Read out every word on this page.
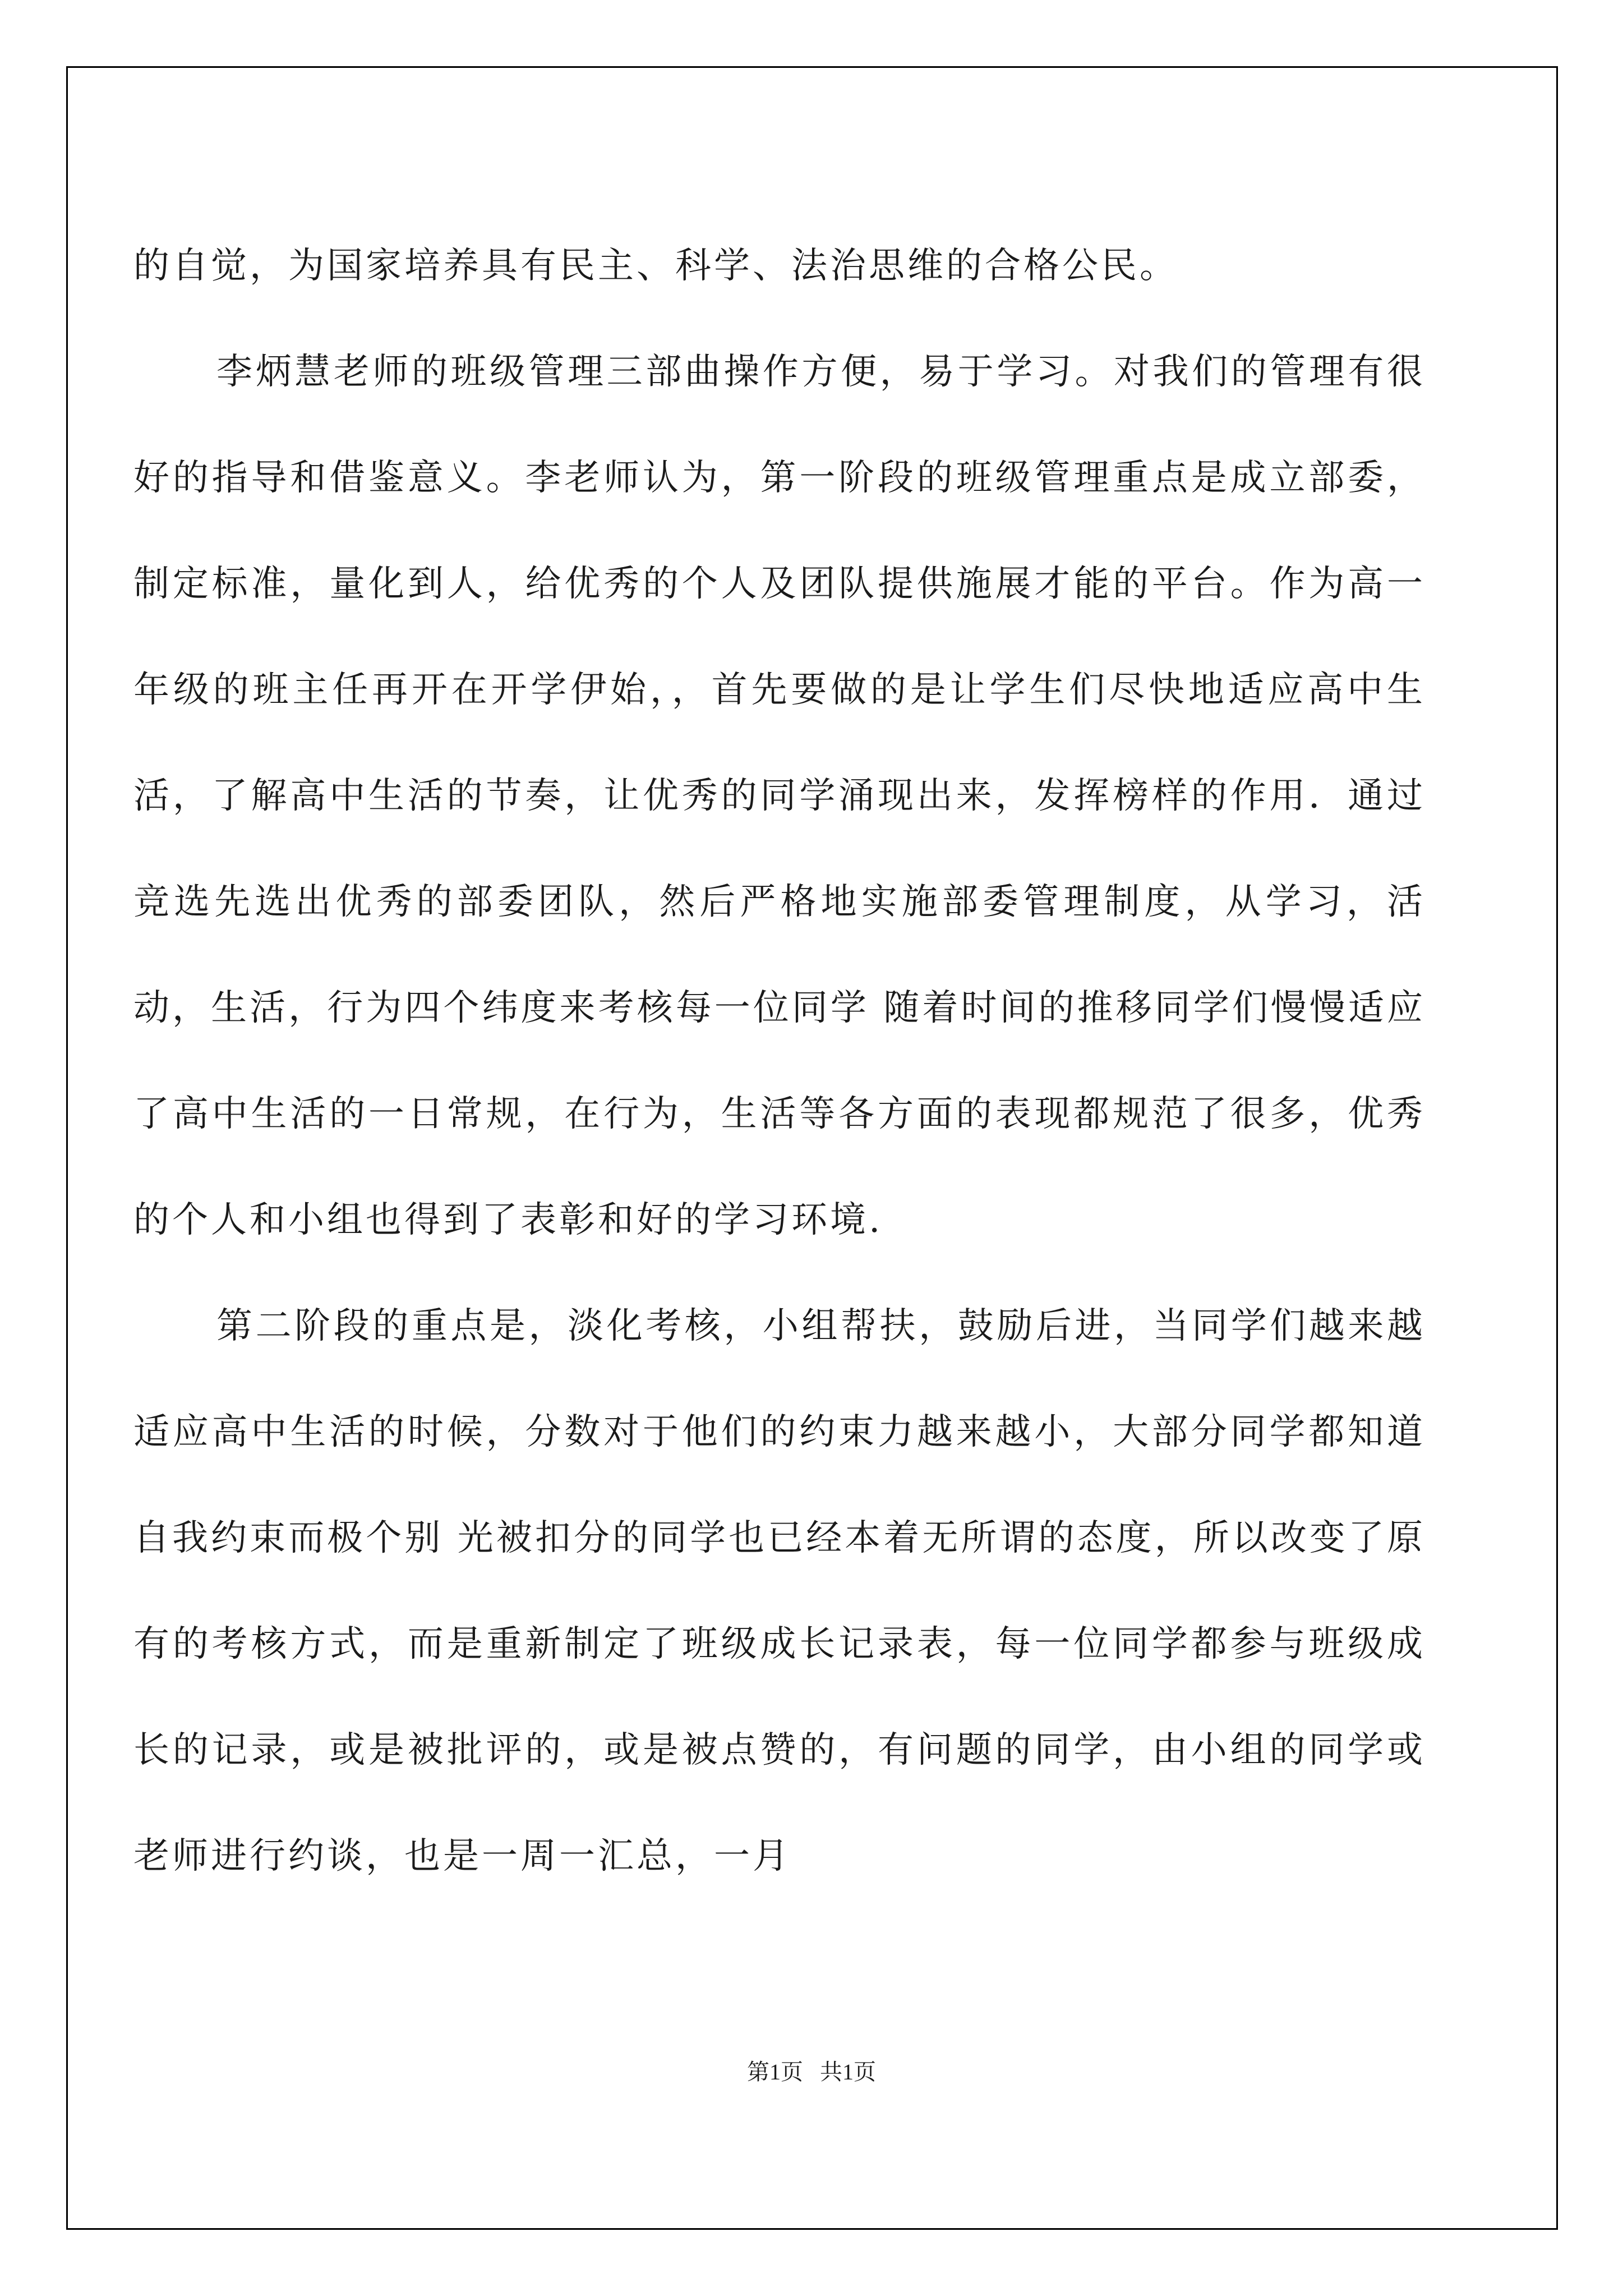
的自觉，为国家培养具有民主、科学、法治思维的合格公民。

李炳慧老师的班级管理三部曲操作方便，易于学习。对我们的管理有很好的指导和借鉴意义。李老师认为，第一阶段的班级管理重点是成立部委，制定标准，量化到人，给优秀的个人及团队提供施展才能的平台。作为高一年级的班主任再开在开学伊始，，首先要做的是让学生们尽快地适应高中生活，了解高中生活的节奏，让优秀的同学涌现出来，发挥榜样的作用．通过竞选先选出优秀的部委团队，然后严格地实施部委管理制度，从学习，活动，生活，行为四个纬度来考核每一位同学 随着时间的推移同学们慢慢适应了高中生活的一日常规，在行为，生活等各方面的表现都规范了很多，优秀的个人和小组也得到了表彰和好的学习环境.

第二阶段的重点是，淡化考核，小组帮扶，鼓励后进，当同学们越来越适应高中生活的时候，分数对于他们的约束力越来越小，大部分同学都知道自我约束而极个别 光被扣分的同学也已经本着无所谓的态度，所以改变了原有的考核方式，而是重新制定了班级成长记录表，每一位同学都参与班级成长的记录，或是被批评的，或是被点赞的，有问题的同学，由小组的同学或老师进行约谈，也是一周一汇总，一月

第1页 共1页
